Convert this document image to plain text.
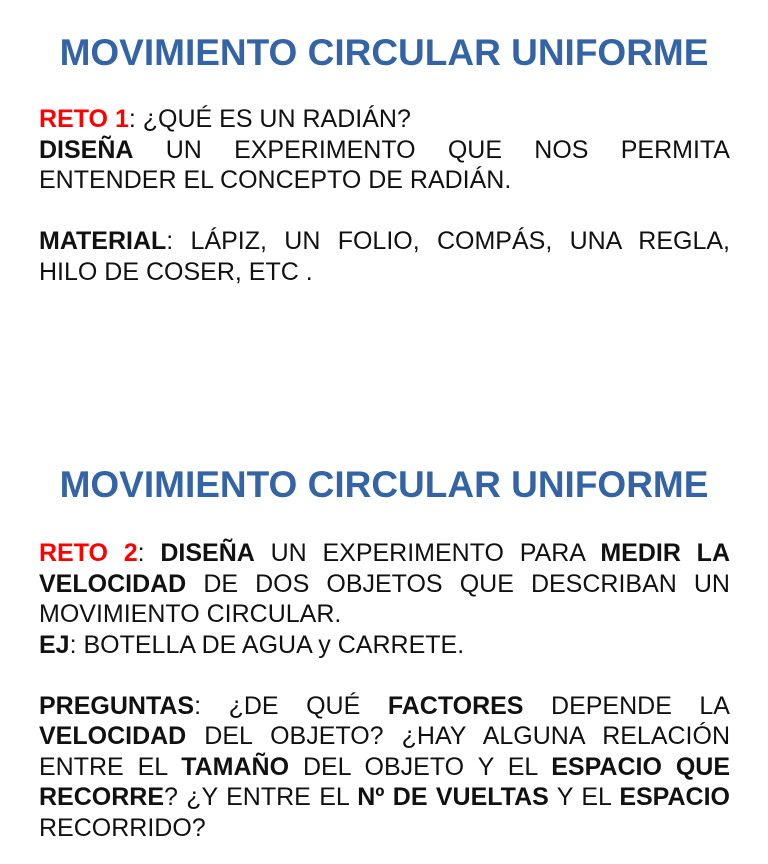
MOVIMIENTO CIRCULAR UNIFORME

RETO 1: ¿QUÉ ES UN RADIÁN?

DISEÑA UN EXPERIMENTO QUE NOS PERMITA ENTENDER EL CONCEPTO DE RADIÁN.

MATERIAL: LÁPIZ, UN FOLIO, COMPÁS, UNA REGLA, HILO DE COSER, ETC .

MOVIMIENTO CIRCULAR UNIFORME

RETO 2: DISEÑA UN EXPERIMENTO PARA MEDIR LA VELOCIDAD DE DOS OBJETOS QUE DESCRIBAN UN MOVIMIENTO CIRCULAR.

EJ: BOTELLA DE AGUA y CARRETE.

PREGUNTAS: ¿DE QUÉ FACTORES DEPENDE LA VELOCIDAD DEL OBJETO? ¿HAY ALGUNA RELACIÓN ENTRE EL TAMAÑO DEL OBJETO Y EL ESPACIO QUE RECORRE? ¿Y ENTRE EL Nº DE VUELTAS Y EL ESPACIO RECORRIDO?
